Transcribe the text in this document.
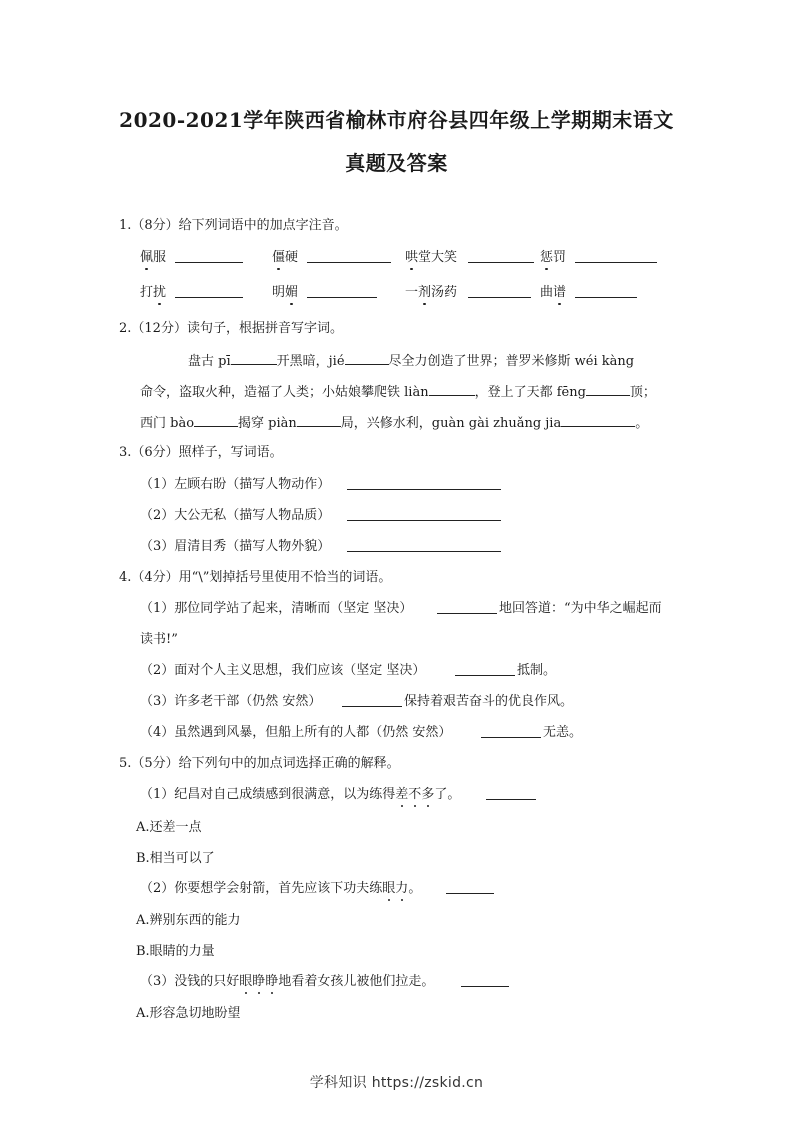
2020-2021学年陕西省榆林市府谷县四年级上学期期末语文
真题及答案
1.（8分）给下列词语中的加点字注音。
佩服	僵硬	哄堂大笑	惩罚
打扰	明媚	一剂汤药	曲谱
2.（12分）读句子，根据拼音写字词。
盘古 pī	开黑暗，jié	尽全力创造了世界；普罗米修斯 wéi kàng
命令，盗取火种，造福了人类；小姑娘攀爬铁 liàn	，登上了天都 fēng	顶；
西门 bào	揭穿 piàn	局，兴修水利，guàn gài zhuǎng jia	。
3.（6分）照样子，写词语。
（1）左顾右盼（描写人物动作）
（2）大公无私（描写人物品质）
（3）眉清目秀（描写人物外貌）
4.（4分）用“\”划掉括号里使用不恰当的词语。
（1）那位同学站了起来，清晰而（坚定 坚决）	地回答道：“为中华之崛起而
读书!”
（2）面对个人主义思想，我们应该（坚定 坚决）	抵制。
（3）许多老干部（仍然 安然）	保持着艰苦奋斗的优良作风。
（4）虽然遇到风暴，但船上所有的人都（仍然 安然）	无恙。
5.（5分）给下列句中的加点词选择正确的解释。
（1）纪昌对自己成绩感到很满意，以为练得差不多了。
A.还差一点
B.相当可以了
（2）你要想学会射箭，首先应该下功夫练眼力。
A.辨别东西的能力
B.眼睛的力量
（3）没钱的只好眼睁睁地看着女孩儿被他们拉走。
A.形容急切地盼望
学科知识 https://zskid.cn
